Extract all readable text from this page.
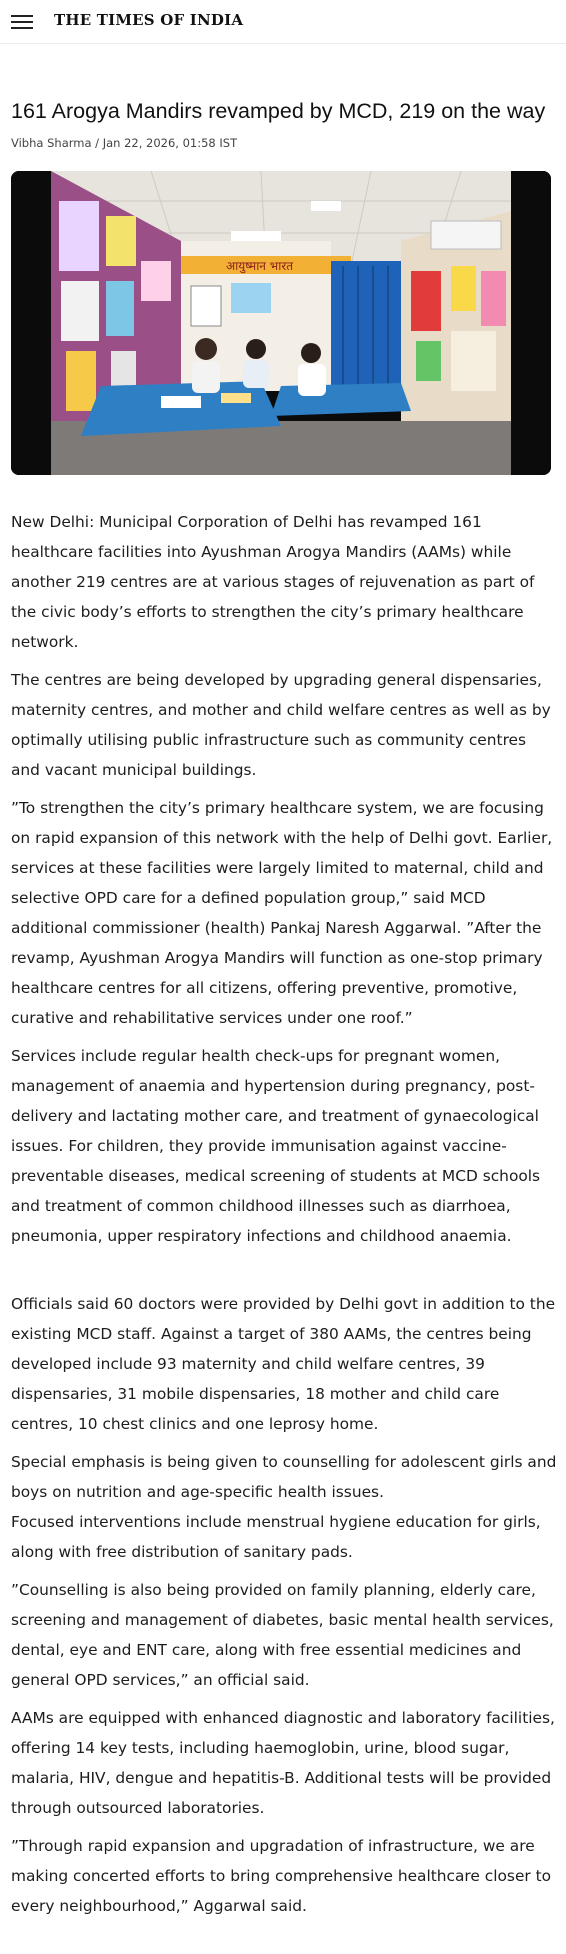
THE TIMES OF INDIA
161 Arogya Mandirs revamped by MCD, 219 on the way
Vibha Sharma / Jan 22, 2026, 01:58 IST
आयुष्मान भारत

New Delhi: Municipal Corporation of Delhi has revamped 161 healthcare facilities into Ayushman Arogya Mandirs (AAMs) while another 219 centres are at various stages of rejuvenation as part of the civic body’s efforts to strengthen the city’s primary healthcare network.

The centres are being developed by upgrading general dispensaries, maternity centres, and mother and child welfare centres as well as by optimally utilising public infrastructure such as community centres and vacant municipal buildings.

”To strengthen the city’s primary healthcare system, we are focusing on rapid expansion of this network with the help of Delhi govt. Earlier, services at these facilities were largely limited to maternal, child and selective OPD care for a defined population group,” said MCD additional commissioner (health) Pankaj Naresh Aggarwal. ”After the revamp, Ayushman Arogya Mandirs will function as one-stop primary healthcare centres for all citizens, offering preventive, promotive, curative and rehabilitative services under one roof.”

Services include regular health check-ups for pregnant women, management of anaemia and hypertension during pregnancy, post-delivery and lactating mother care, and treatment of gynaecological issues. For children, they provide immunisation against vaccine-preventable diseases, medical screening of students at MCD schools and treatment of common childhood illnesses such as diarrhoea, pneumonia, upper respiratory infections and childhood anaemia.

Officials said 60 doctors were provided by Delhi govt in addition to the existing MCD staff. Against a target of 380 AAMs, the centres being developed include 93 maternity and child welfare centres, 39 dispensaries, 31 mobile dispensaries, 18 mother and child care centres, 10 chest clinics and one leprosy home.

Special emphasis is being given to counselling for adolescent girls and boys on nutrition and age-specific health issues.

Focused interventions include menstrual hygiene education for girls, along with free distribution of sanitary pads.

”Counselling is also being provided on family planning, elderly care, screening and management of diabetes, basic mental health services, dental, eye and ENT care, along with free essential medicines and general OPD services,” an official said.

AAMs are equipped with enhanced diagnostic and laboratory facilities, offering 14 key tests, including haemoglobin, urine, blood sugar, malaria, HIV, dengue and hepatitis-B. Additional tests will be provided through outsourced laboratories.

”Through rapid expansion and upgradation of infrastructure, we are making concerted efforts to bring comprehensive healthcare closer to every neighbourhood,” Aggarwal said.
